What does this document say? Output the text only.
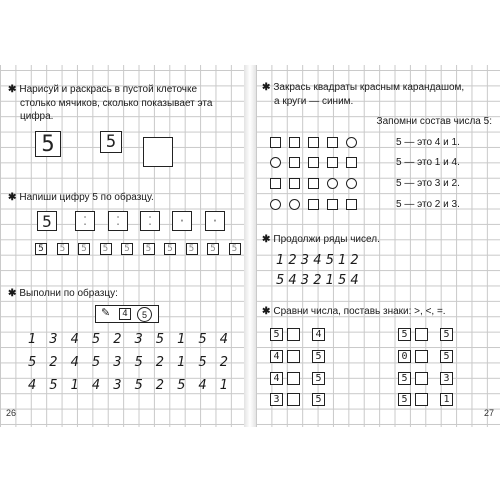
✱ Нарисуй и раскрась в пустой клеточке
столько мячиков, сколько показывает эта
цифра.
5	5
✱ Напиши цифру 5 по образцу.
5	⁚	⁚	⁚	·	·
5	5	5	5	5	5	5	5	5	5
✱ Выполни по образцу:
✎	4	5
1 3 4 5 2 3 5 1 5 4
5 2 4 5 3 5 2 1 5 2
4 5 1 4 3 5 2 5 4 1
26
✱ Закрась квадраты красным карандашом,
а круги — синим.
Запомни состав числа 5:
5 — это 4 и 1.
5 — это 1 и 4.
5 — это 3 и 2.
5 — это 2 и 3.
✱ Продолжи ряды чисел.
1 2 3 4 5 1 2
5 4 3 2 1 5 4
✱ Сравни числа, поставь знаки: >, <, =.
5	4	5	5
4	5	0	5
4	5	5	3
3	5	5	1
27
